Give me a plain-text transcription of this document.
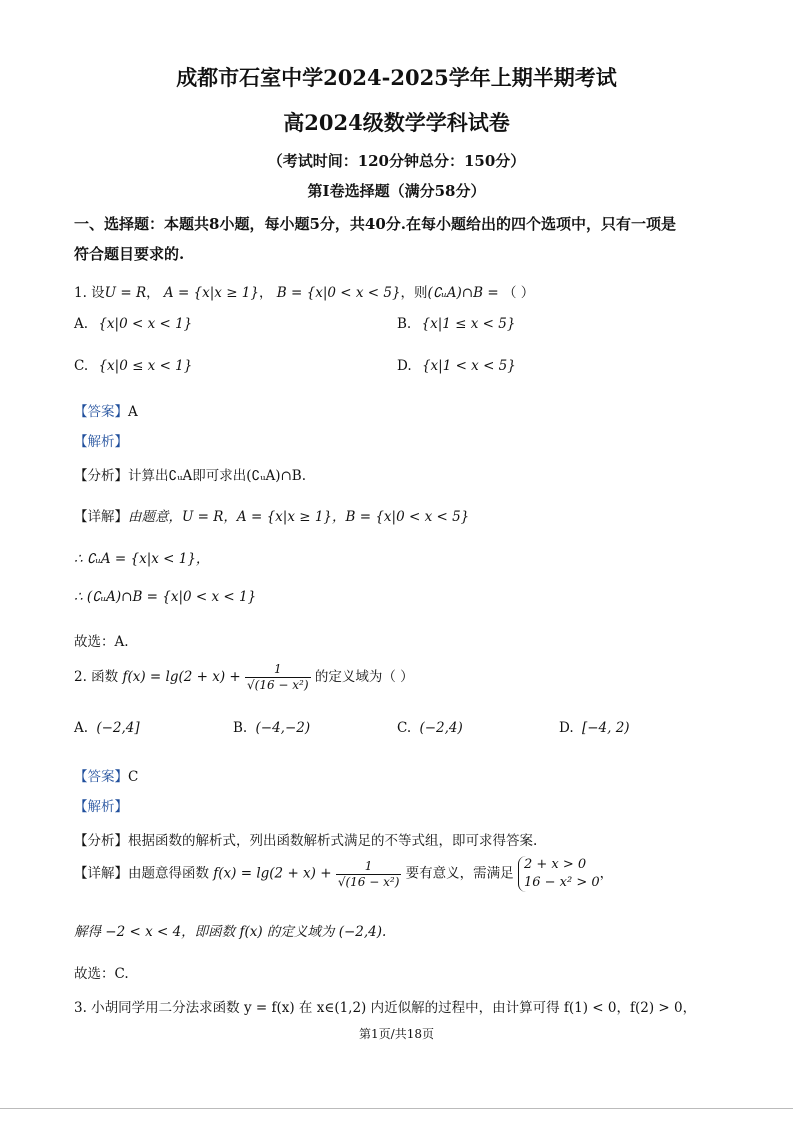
成都市石室中学2024-2025学年上期半期考试
高2024级数学学科试卷
（考试时间：120分钟总分：150分）
第I卷选择题（满分58分）
一、选择题：本题共8小题，每小题5分，共40分.在每小题给出的四个选项中，只有一项是
符合题目要求的.
1. 设U = R， A = {x|x ≥ 1}， B = {x|0 < x < 5}，则(∁ᵤA)∩B = （ ）
A. {x|0 < x < 1}	B. {x|1 ≤ x < 5}
C. {x|0 ≤ x < 1}	D. {x|1 < x < 5}
【答案】A
【解析】
【分析】计算出∁ᵤA即可求出(∁ᵤA)∩B.
【详解】由题意，U = R，A = {x|x ≥ 1}，B = {x|0 < x < 5}
∴ ∁ᵤA = {x|x < 1}，
∴ (∁ᵤA)∩B = {x|0 < x < 1}
故选：A.
2. 函数 $f(x) = \lg(2 + x) + \frac{1}{\text{√(16 − x²)}}$ 的定义域为（ ）
A. (−2,4]	B. (−4,−2)	C. (−2,4)	D. [−4, 2)
【答案】C
【解析】
【分析】根据函数的解析式，列出函数解析式满足的不等式组，即可求得答案.
【详解】由题意得函数 $f(x) = \lg(2 + x) + \frac{1}{\text{√(16 − x²)}}$ 要有意义，需满足
2 + x > 0
16 − x² > 0
，
解得 −2 < x < 4，即函数 f(x) 的定义域为 (−2,4).
故选：C.
3. 小胡同学用二分法求函数 y = f(x) 在 x∈(1,2) 内近似解的过程中，由计算可得 f(1) < 0，f(2) > 0，
第1页/共18页
